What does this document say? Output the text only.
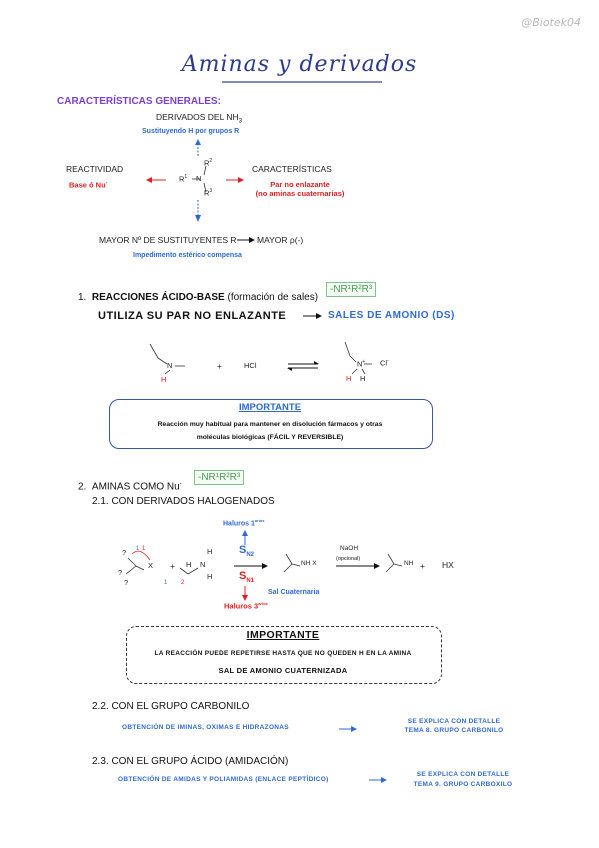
@Biotek04
Aminas y derivados
CARACTERÍSTICAS GENERALES:
DERIVADOS DEL $NH_3$
Sustituyendo H por grupos R
REACTIVIDAD
Base ó Nu-	$R^1$ N
$R^2$
$R^3$
CARACTERÍSTICAS
Par no enlazante
(no aminas cuaternarias)
MAYOR Nº DE SUSTITUYENTES R MAYOR ρ(-)
Impedimento estérico compensa
1. REACCIONES ÁCIDO-BASE (formación de sales)
-NR¹R²R³
UTILIZA SU PAR NO ENLAZANTE	SALES DE AMONIO (DS)
N
H
+	HCl	N+
H H
Cl-
IMPORTANTE
Reacción muy habitual para mantener en disolución fármacos y otras
moléculas biológicas (FÁCIL Y REVERSIBLE)
2. AMINAS COMO Nu-
-NR¹R²R³
2.1. CON DERIVADOS HALOGENADOS
Haluros $1^{arios}$
? 1 1
X
?
?
+ H N
H
H
1 2
$S_{N2}$
$S_{N1}$
Haluros $3^{arios}$
NH X
Sal Cuaternaria
NaOH
(opcional)
NH + HX
IMPORTANTE
LA REACCIÓN PUEDE REPETIRSE HASTA QUE NO QUEDEN H EN LA AMINA
SAL DE AMONIO CUATERNIZADA
2.2. CON EL GRUPO CARBONILO
OBTENCIÓN DE IMINAS, OXIMAS E HIDRAZONAS
SE EXPLICA CON DETALLE
TEMA 8. GRUPO CARBONILO
2.3. CON EL GRUPO ÁCIDO (AMIDACIÓN)
OBTENCIÓN DE AMIDAS Y POLIAMIDAS (ENLACE PEPTÍDICO)
SE EXPLICA CON DETALLE
TEMA 9. GRUPO CARBOXILO
